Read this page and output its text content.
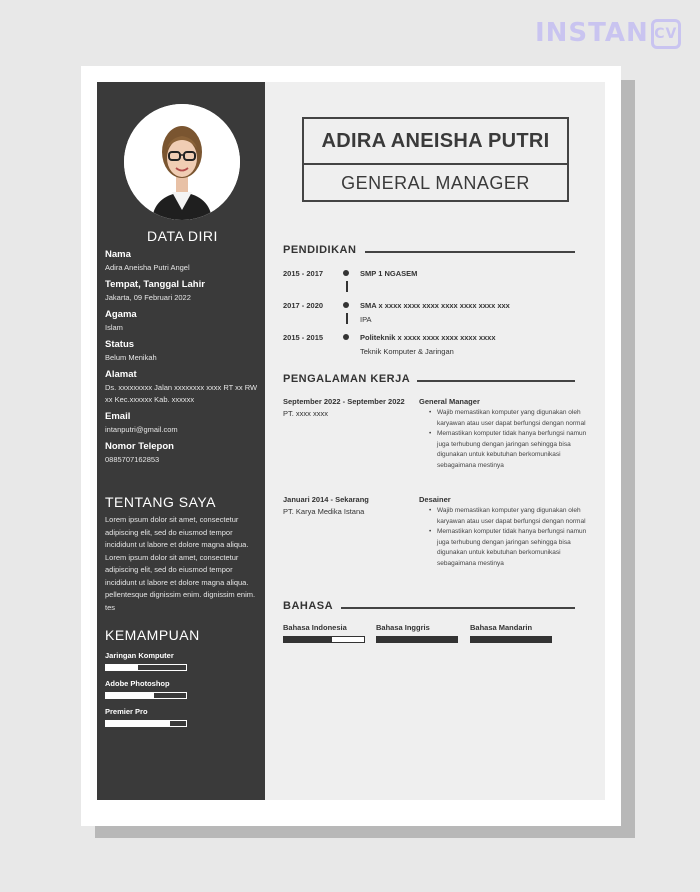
INSTAN CV
DATA DIRI
Nama
Adira Aneisha Putri Angel
Tempat, Tanggal Lahir
Jakarta, 09 Februari 2022
Agama
Islam
Status
Belum Menikah
Alamat
Ds. xxxxxxxxx Jalan xxxxxxxx xxxx RT xx RW xx Kec.xxxxxx Kab. xxxxxx
Email
intanputri@gmail.com
Nomor Telepon
0885707162853
TENTANG SAYA

Lorem ipsum dolor sit amet, consectetur adipiscing elit, sed do eiusmod tempor incididunt ut labore et dolore magna aliqua. Lorem ipsum dolor sit amet, consectetur adipiscing elit, sed do eiusmod tempor incididunt ut labore et dolore magna aliqua. pellentesque dignissim enim. dignissim enim. tes

KEMAMPUAN
Jaringan Komputer
Adobe Photoshop
Premier Pro
ADIRA ANEISHA PUTRI
GENERAL MANAGER
PENDIDIKAN
2015 - 2017	SMP 1 NGASEM
2017 - 2020	SMA x xxxx xxxx xxxx xxxx xxxx xxxx xxx
IPA
2015 - 2015	Politeknik x xxxx xxxx xxxx xxxx xxxx
Teknik Komputer & Jaringan
PENGALAMAN KERJA
September 2022 - September 2022
PT. xxxx xxxx
General Manager
• Wajib memastikan komputer yang digunakan oleh karyawan atau user dapat berfungsi dengan normal
• Memastikan komputer tidak hanya berfungsi namun juga terhubung dengan jaringan sehingga bisa digunakan untuk kebutuhan berkomunikasi sebagaimana mestinya
Januari 2014 - Sekarang
PT. Karya Medika Istana
Desainer
• Wajib memastikan komputer yang digunakan oleh karyawan atau user dapat berfungsi dengan normal
• Memastikan komputer tidak hanya berfungsi namun juga terhubung dengan jaringan sehingga bisa digunakan untuk kebutuhan berkomunikasi sebagaimana mestinya
BAHASA
Bahasa Indonesia	Bahasa Inggris	Bahasa Mandarin
